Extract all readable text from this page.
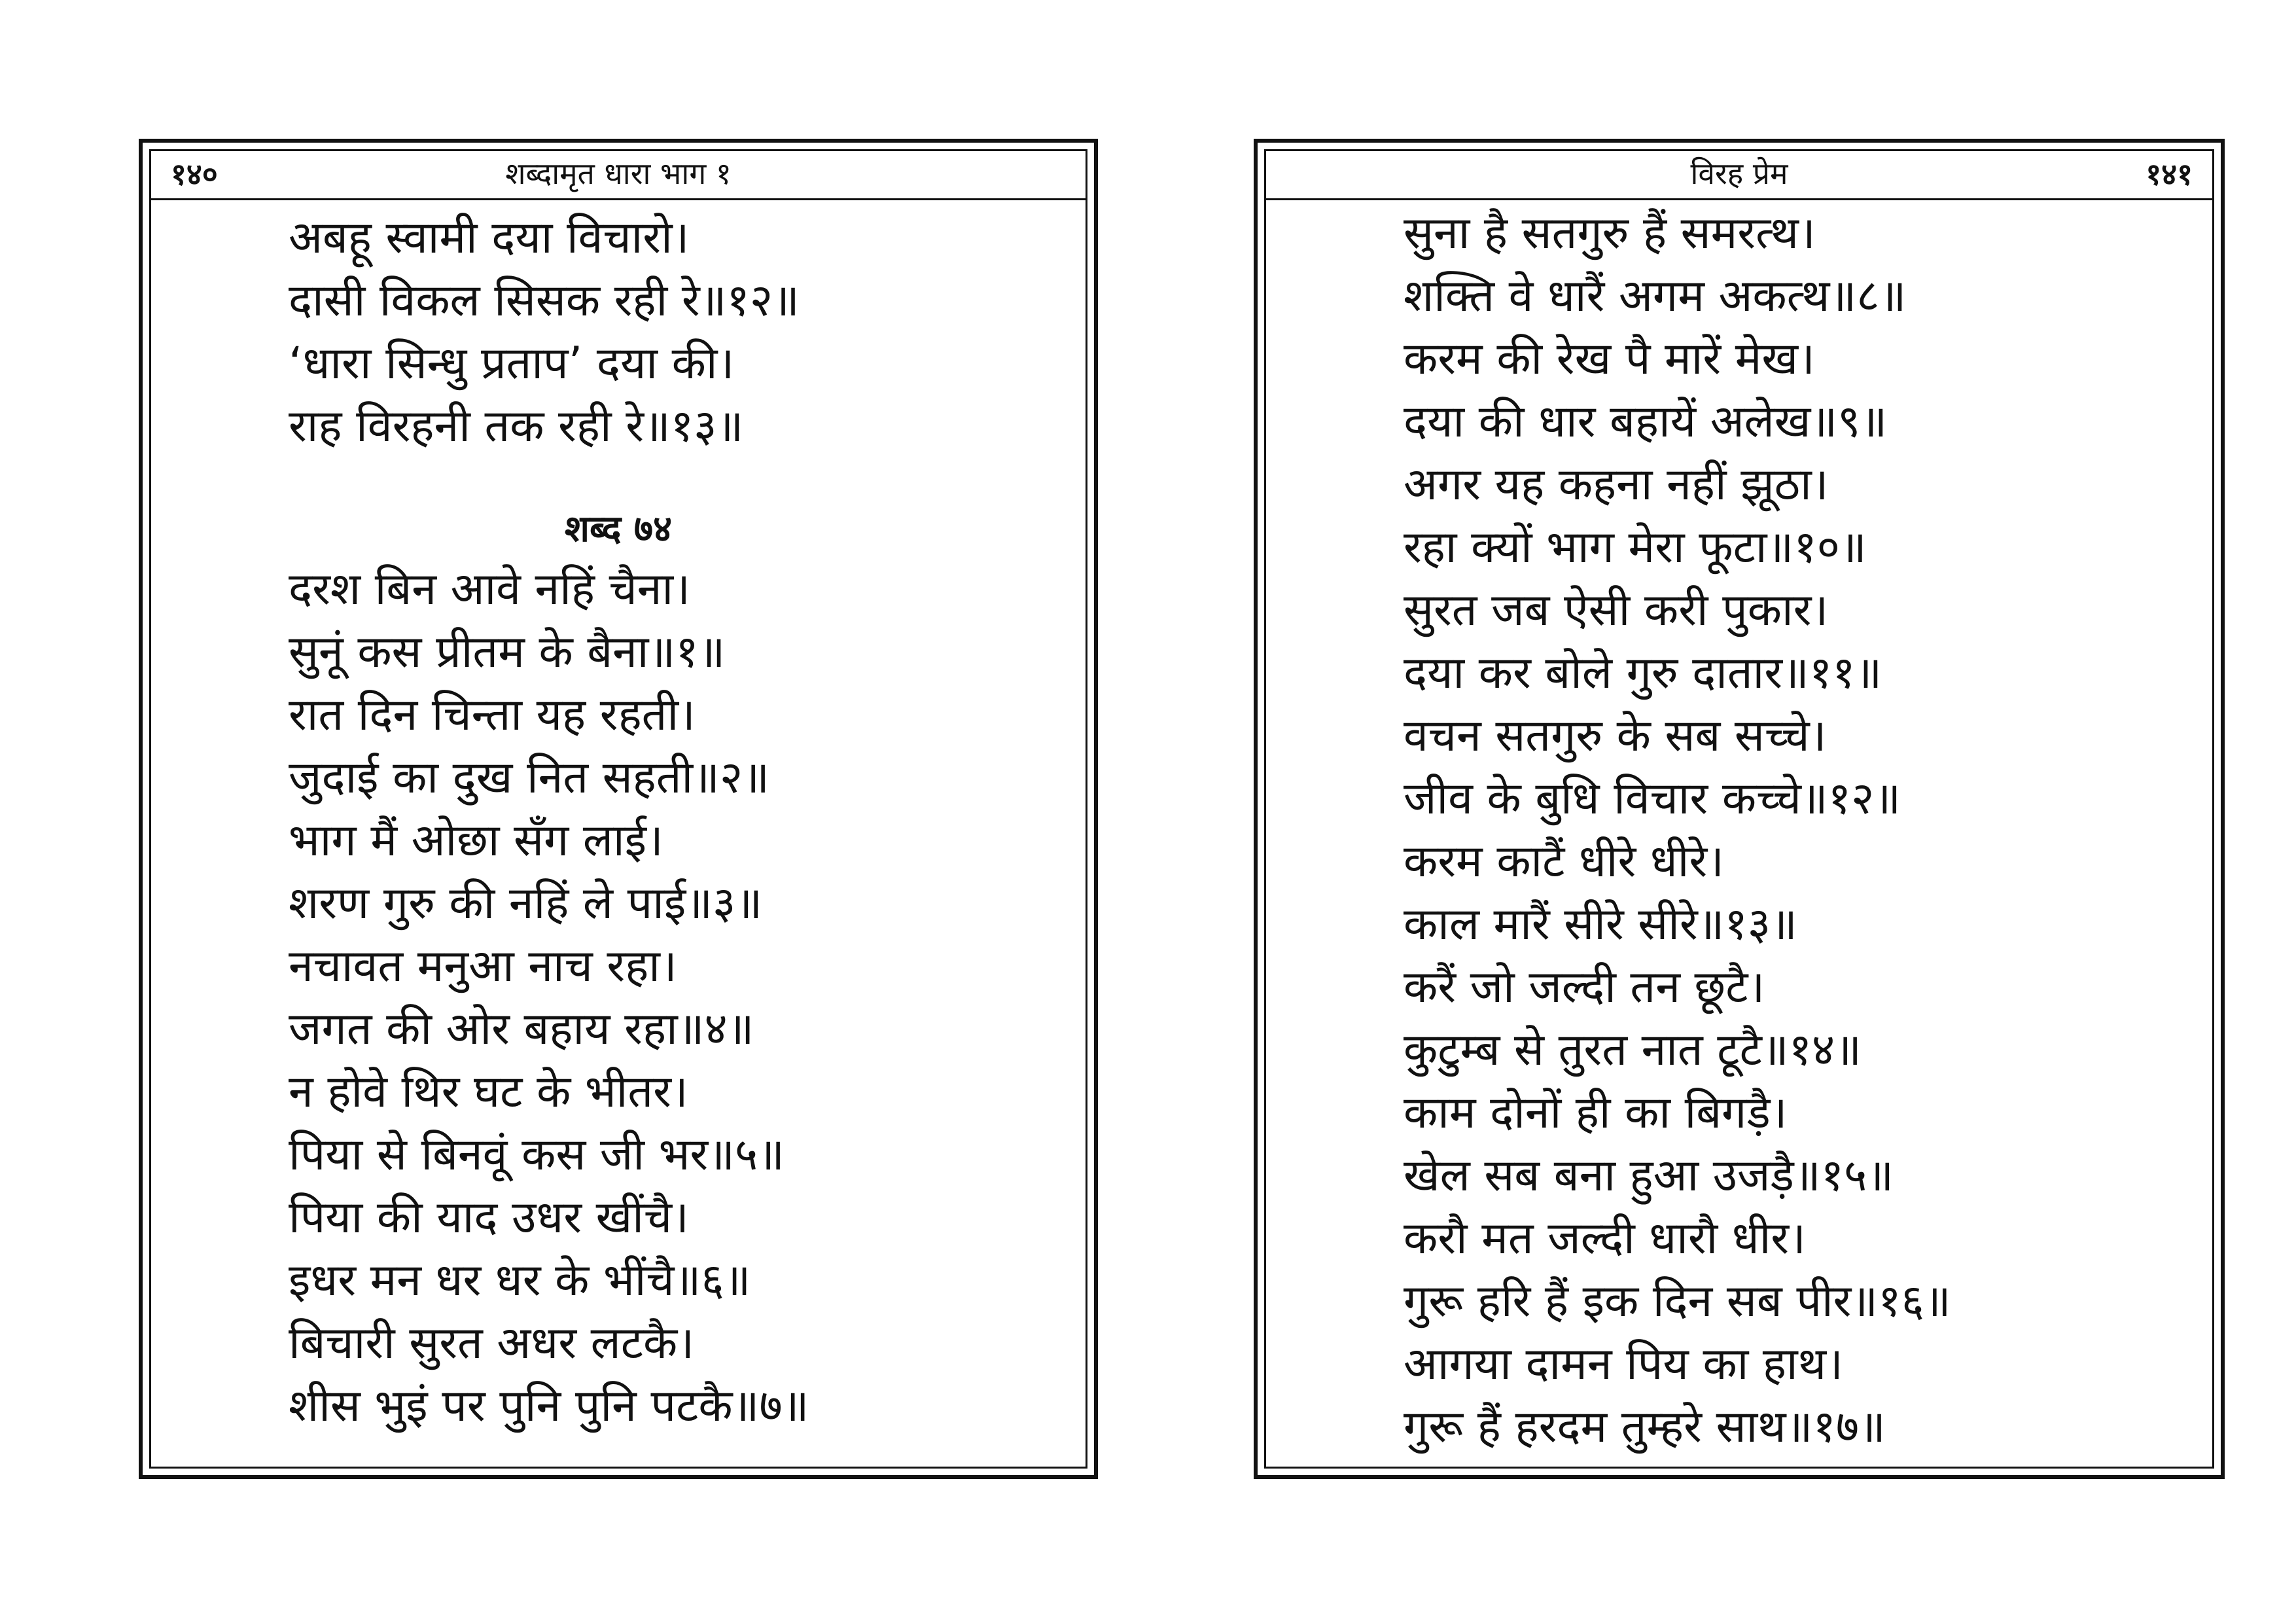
शब्दामृत धारा भाग १
१४०
अबहू स्वामी दया विचारो।
दासी विकल सिसक रही रे॥१२॥
‘धारा सिन्धु प्रताप’ दया की।
राह विरहनी तक रही रे॥१३॥
शब्द ७४
दरश बिन आवे नहिं चैना।
सुनूं कस प्रीतम के बैना॥१॥
रात दिन चिन्ता यह रहती।
जुदाई का दुख नित सहती॥२॥
भाग मैं ओछा सँग लाई।
शरण गुरु की नहिं ले पाई॥३॥
नचावत मनुआ नाच रहा।
जगत की ओर बहाय रहा॥४॥
न होवे थिर घट के भीतर।
पिया से बिनवूं कस जी भर॥५॥
पिया की याद उधर खींचै।
इधर मन धर धर के भींचै॥६॥
बिचारी सुरत अधर लटकै।
शीस भुइं पर पुनि पुनि पटकै॥७॥
विरह प्रेम	१४१
सुना है सतगुरु हैं समरत्थ।
शक्ति वे धारैं अगम अकत्थ॥८॥
करम की रेख पै मारें मेख।
दया की धार बहायें अलेख॥९॥
अगर यह कहना नहीं झूठा।
रहा क्यों भाग मेरा फूटा॥१०॥
सुरत जब ऐसी करी पुकार।
दया कर बोले गुरु दातार॥११॥
वचन सतगुरु के सब सच्चे।
जीव के बुधि विचार कच्चे॥१२॥
करम काटैं धीरे धीरे।
काल मारैं सीरे सीरे॥१३॥
करैं जो जल्दी तन छूटै।
कुटुम्ब से तुरत नात टूटै॥१४॥
काम दोनों ही का बिगड़ै।
खेल सब बना हुआ उजड़ै॥१५॥
करौ मत जल्दी धारौ धीर।
गुरू हरि हैं इक दिन सब पीर॥१६॥
आगया दामन पिय का हाथ।
गुरू हैं हरदम तुम्हरे साथ॥१७॥
